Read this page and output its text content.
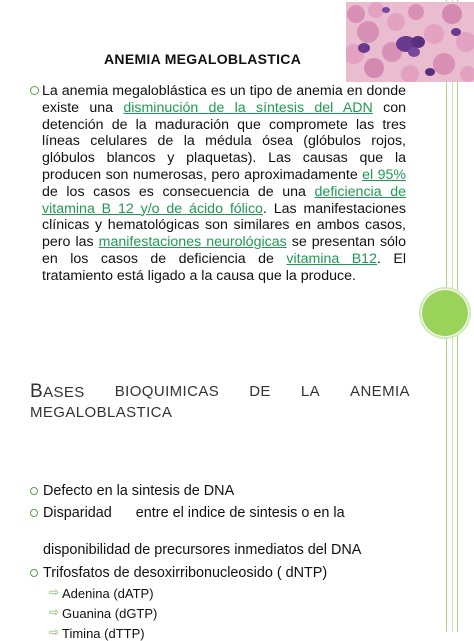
ANEMIA MEGALOBLASTICA
La anemia megaloblástica es un tipo de anemia en donde existe una disminución de la síntesis del ADN con detención de la maduración que compromete las tres líneas celulares de la médula ósea (glóbulos rojos, glóbulos blancos y plaquetas). Las causas que la producen son numerosas, pero aproximadamente el 95% de los casos es consecuencia de una deficiencia de vitamina B 12 y/o de ácido fólico. Las manifestaciones clínicas y hematológicas son similares en ambos casos, pero las manifestaciones neurológicas se presentan sólo en los casos de deficiencia de vitamina B12. El tratamiento está ligado a la causa que la produce.
BASES BIOQUIMICAS DE LA ANEMIA
MEGALOBLASTICA
Defecto en la sintesis de DNA
Disparidad      entre el indice de sintesis o en la
disponibilidad de precursores inmediatos del DNA
Trifosfatos de desoxirribonucleosido ( dNTP)
⇨ Adenina (dATP)
⇨ Guanina (dGTP)
⇨ Timina (dTTP)
